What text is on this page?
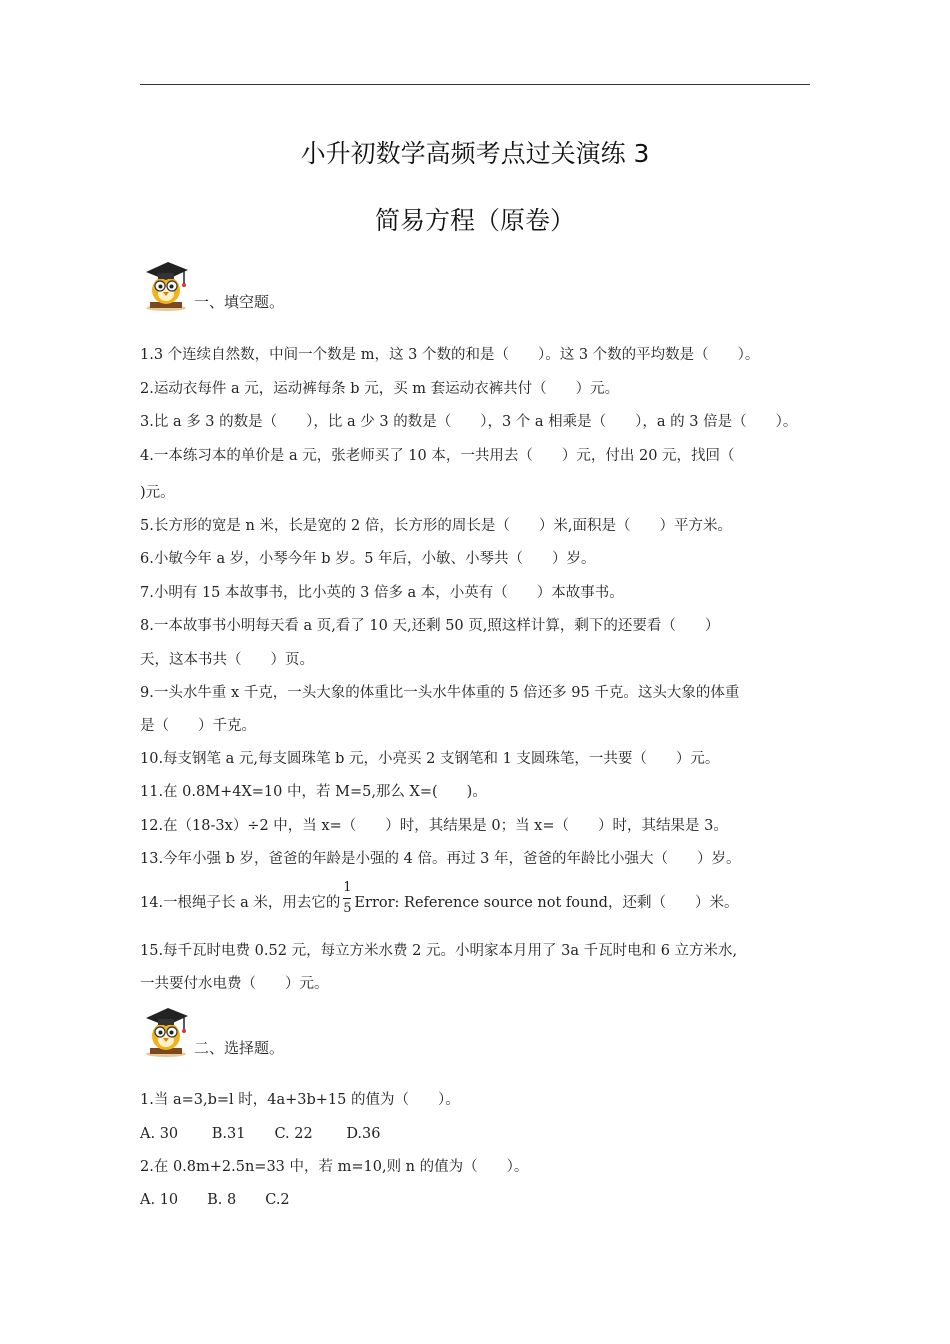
小升初数学高频考点过关演练 3
简易方程（原卷）
一、填空题。
1.3 个连续自然数，中间一个数是 m，这 3 个数的和是（　　）。这 3 个数的平均数是（　　）。
2.运动衣每件 a 元，运动裤每条 b 元，买 m 套运动衣裤共付（　　）元。
3.比 a 多 3 的数是（　　），比 a 少 3 的数是（　　），3 个 a 相乘是（　　），a 的 3 倍是（　　）。
4.一本练习本的单价是 a 元，张老师买了 10 本，一共用去（　　）元，付出 20 元，找回（
)元。
5.长方形的宽是 n 米，长是宽的 2 倍，长方形的周长是（　　）米,面积是（　　）平方米。
6.小敏今年 a 岁，小琴今年 b 岁。5 年后，小敏、小琴共（　　）岁。
7.小明有 15 本故事书，比小英的 3 倍多 a 本，小英有（　　）本故事书。
8.一本故事书小明每天看 a 页,看了 10 天,还剩 50 页,照这样计算，剩下的还要看（　　）
天，这本书共（　　）页。
9.一头水牛重 x 千克，一头大象的体重比一头水牛体重的 5 倍还多 95 千克。这头大象的体重
是（　　）千克。
10.每支钢笔 a 元,每支圆珠笔 b 元，小亮买 2 支钢笔和 1 支圆珠笔，一共要（　　）元。
11.在 0.8M+4X=10 中，若 M=5,那么 X=(　　)。
12.在（18-3x）÷2 中，当 x=（　　）时，其结果是 0；当 x=（　　）时，其结果是 3。
13.今年小强 b 岁，爸爸的年龄是小强的 4 倍。再过 3 年，爸爸的年龄比小强大（　　）岁。
14.一根绳子长 a 米，用去它的 $\frac{1}{5}$ Error: Reference source not found，还剩（　　）米。
15.每千瓦时电费 0.52 元，每立方米水费 2 元。小明家本月用了 3a 千瓦时电和 6 立方米水,
一共要付水电费（　　）元。
二、选择题。
1.当 a=3,b=l 时，4a+3b+15 的值为（　　）。
A. 30　　 B.31　　C. 22　　 D.36
2.在 0.8m+2.5n=33 中，若 m=10,则 n 的值为（　　）。
A. 10　　B. 8　　C.2
